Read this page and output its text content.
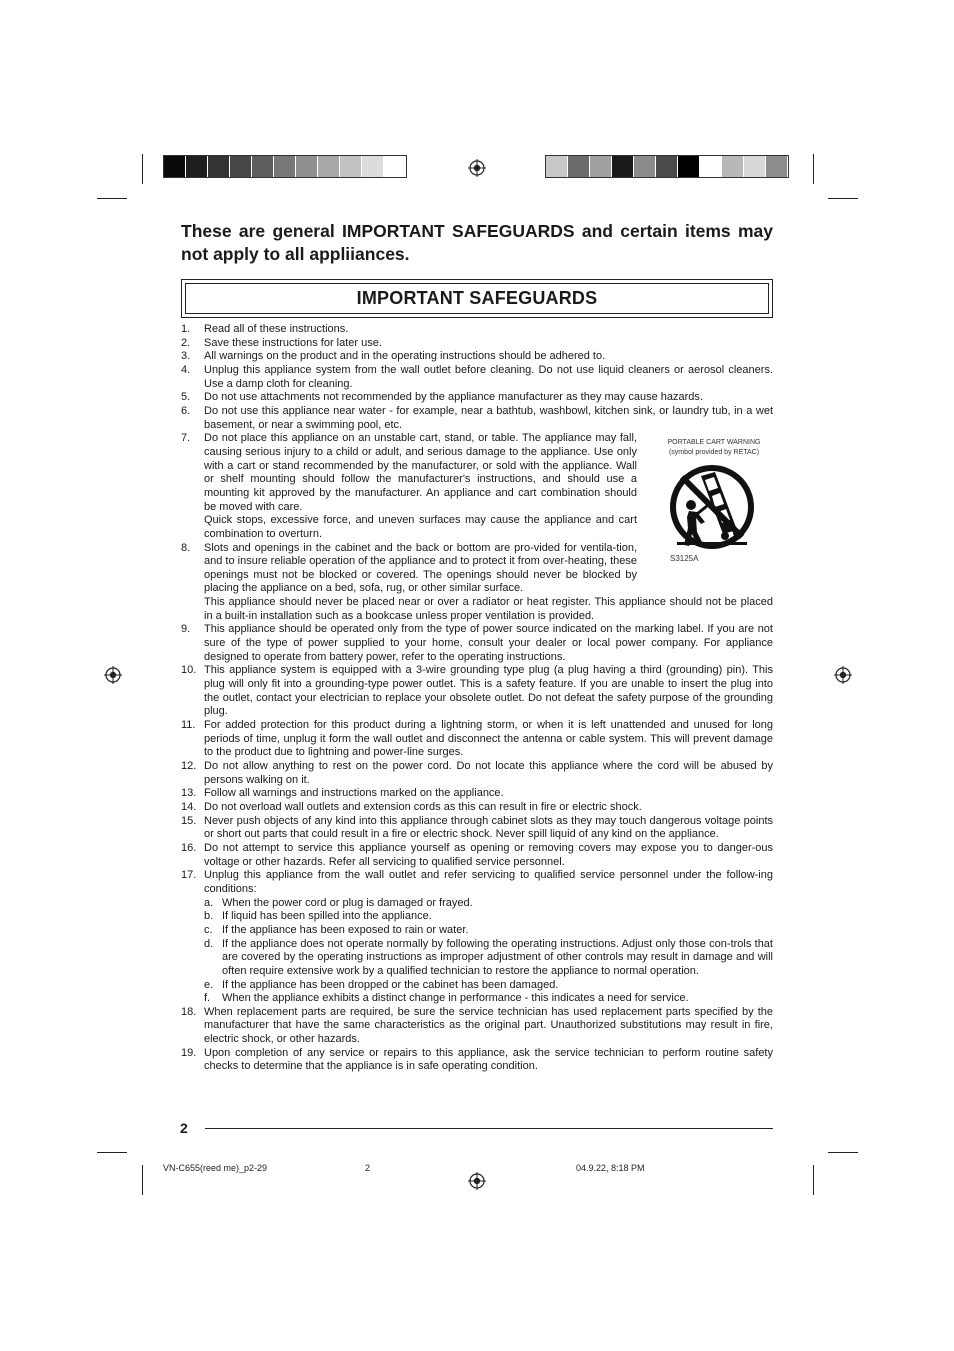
These are general IMPORTANT SAFEGUARDS and certain items may not apply to all appliiances.
IMPORTANT SAFEGUARDS
1. Read all of these instructions.

2. Save these instructions for later use.

3. All warnings on the product and in the operating instructions should be adhered to.

4. Unplug this appliance system from the wall outlet before cleaning. Do not use liquid cleaners or aerosol cleaners. Use a damp cloth for cleaning.

5. Do not use attachments not recommended by the appliance manufacturer as they may cause hazards.

6. Do not use this appliance near water - for example, near a bathtub, washbowl, kitchen sink, or laundry tub, in a wet basement, or near a swimming pool, etc.

7. Do not place this appliance on an unstable cart, stand, or table. The appliance may fall, causing serious injury to a child or adult, and serious damage to the appliance. Use only with a cart or stand recommended by the manufacturer, or sold with the appliance. Wall or shelf mounting should follow the manufacturer's instructions, and should use a mounting kit approved by the manufacturer. An appliance and cart combination should be moved with care.

Quick stops, excessive force, and uneven surfaces may cause the appliance and cart combination to overturn.

8. Slots and openings in the cabinet and the back or bottom are pro-vided for ventila-tion, and to insure reliable operation of the appliance and to protect it from over-heating, these openings must not be blocked or covered. The openings should never be blocked by placing the appliance on a bed, sofa, rug, or other similar surface.

This appliance should never be placed near or over a radiator or heat register. This appliance should not be placed in a built-in installation such as a bookcase unless proper ventilation is provided.

9. This appliance should be operated only from the type of power source indicated on the marking label. If you are not sure of the type of power supplied to your home, consult your dealer or local power company. For appliance designed to operate from battery power, refer to the operating instructions.

10. This appliance system is equipped with a 3-wire grounding type plug (a plug having a third (grounding) pin). This plug will only fit into a grounding-type power outlet. This is a safety feature. If you are unable to insert the plug into the outlet, contact your electrician to replace your obsolete outlet. Do not defeat the safety purpose of the grounding plug.

11. For added protection for this product during a lightning storm, or when it is left unattended and unused for long periods of time, unplug it form the wall outlet and disconnect the antenna or cable system. This will prevent damage to the product due to lightning and power-line surges.

12. Do not allow anything to rest on the power cord. Do not locate this appliance where the cord will be abused by persons walking on it.

13. Follow all warnings and instructions marked on the appliance.

14. Do not overload wall outlets and extension cords as this can result in fire or electric shock.

15. Never push objects of any kind into this appliance through cabinet slots as they may touch dangerous voltage points or short out parts that could result in a fire or electric shock. Never spill liquid of any kind on the appliance.

16. Do not attempt to service this appliance yourself as opening or removing covers may expose you to danger-ous voltage or other hazards. Refer all servicing to qualified service personnel.

17. Unplug this appliance from the wall outlet and refer servicing to qualified service personnel under the follow-ing conditions:

a. When the power cord or plug is damaged or frayed.

b. If liquid has been spilled into the appliance.

c. If the appliance has been exposed to rain or water.

d. If the appliance does not operate normally by following the operating instructions. Adjust only those con-trols that are covered by the operating instructions as improper adjustment of other controls may result in damage and will often require extensive work by a qualified technician to restore the appliance to normal operation.

e. If the appliance has been dropped or the cabinet has been damaged.

f. When the appliance exhibits a distinct change in performance - this indicates a need for service.

18. When replacement parts are required, be sure the service technician has used replacement parts specified by the manufacturer that have the same characteristics as the original part. Unauthorized substitutions may result in fire, electric shock, or other hazards.

19. Upon completion of any service or repairs to this appliance, ask the service technician to perform routine safety checks to determine that the appliance is in safe operating condition.

PORTABLE CART WARNING
(symbol provided by RETAC)
S3125A
2
VN-C655(reed me)_p2-29	2	04.9.22, 8:18 PM
